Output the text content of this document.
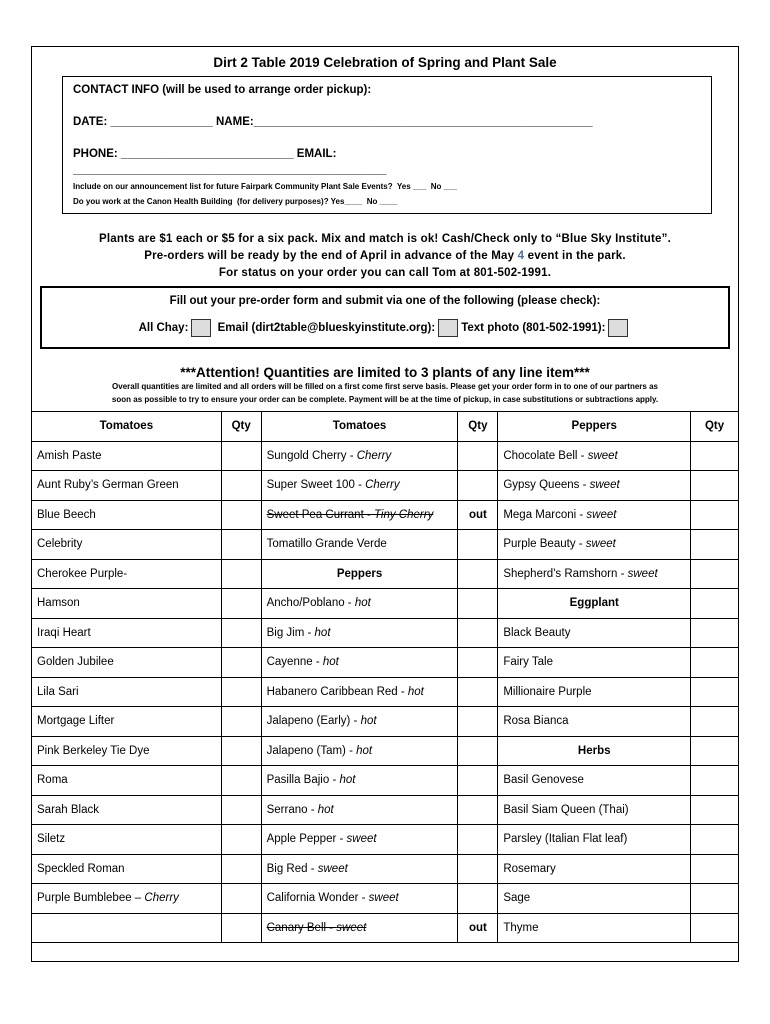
Dirt 2 Table 2019 Celebration of Spring and Plant Sale
CONTACT INFO (will be used to arrange order pickup):
DATE: ________________ NAME:_____________________________________________________
PHONE: ___________________________ EMAIL:
_________________________________________________
Include on our announcement list for future Fairpark Community Plant Sale Events?  Yes ___  No ___
Do you work at the Canon Health Building  (for delivery purposes)? Yes____  No ____
Plants are $1 each or $5 for a six pack. Mix and match is ok! Cash/Check only to “Blue Sky Institute”.
Pre-orders will be ready by the end of April in advance of the May 4 event in the park.
For status on your order you can call Tom at 801-502-1991.
Fill out your pre-order form and submit via one of the following (please check):
All Chay:	Email (dirt2table@blueskyinstitute.org): Text photo (801-502-1991):
***Attention! Quantities are limited to 3 plants of any line item***
Overall quantities are limited and all orders will be filled on a first come first serve basis. Please get your order form in to one of our partners as
soon as possible to try to ensure your order can be complete. Payment will be at the time of pickup, in case substitutions or subtractions apply.
Tomatoes	Qty	Tomatoes	Qty	Peppers	Qty
Amish Paste		Sungold Cherry - Cherry		Chocolate Bell - sweet	
Aunt Ruby’s German Green		Super Sweet 100 - Cherry		Gypsy Queens - sweet	
Blue Beech		Sweet Pea Currant - Tiny Cherry	out	Mega Marconi - sweet	
Celebrity		Tomatillo Grande Verde		Purple Beauty - sweet	
Cherokee Purple-		Peppers		Shepherd's Ramshorn - sweet	
Hamson		Ancho/Poblano - hot		Eggplant	
Iraqi Heart		Big Jim - hot		Black Beauty	
Golden Jubilee		Cayenne - hot		Fairy Tale	
Lila Sari		Habanero Caribbean Red - hot		Millionaire Purple	
Mortgage Lifter		Jalapeno (Early) - hot		Rosa Bianca	
Pink Berkeley Tie Dye		Jalapeno (Tam) - hot		Herbs	
Roma		Pasilla Bajio - hot		Basil Genovese	
Sarah Black		Serrano - hot		Basil Siam Queen (Thai)	
Siletz		Apple Pepper - sweet		Parsley (Italian Flat leaf)	
Speckled Roman		Big Red - sweet		Rosemary	
Purple Bumblebee – Cherry		California Wonder - sweet		Sage	
		Canary Bell - sweet	out	Thyme	
